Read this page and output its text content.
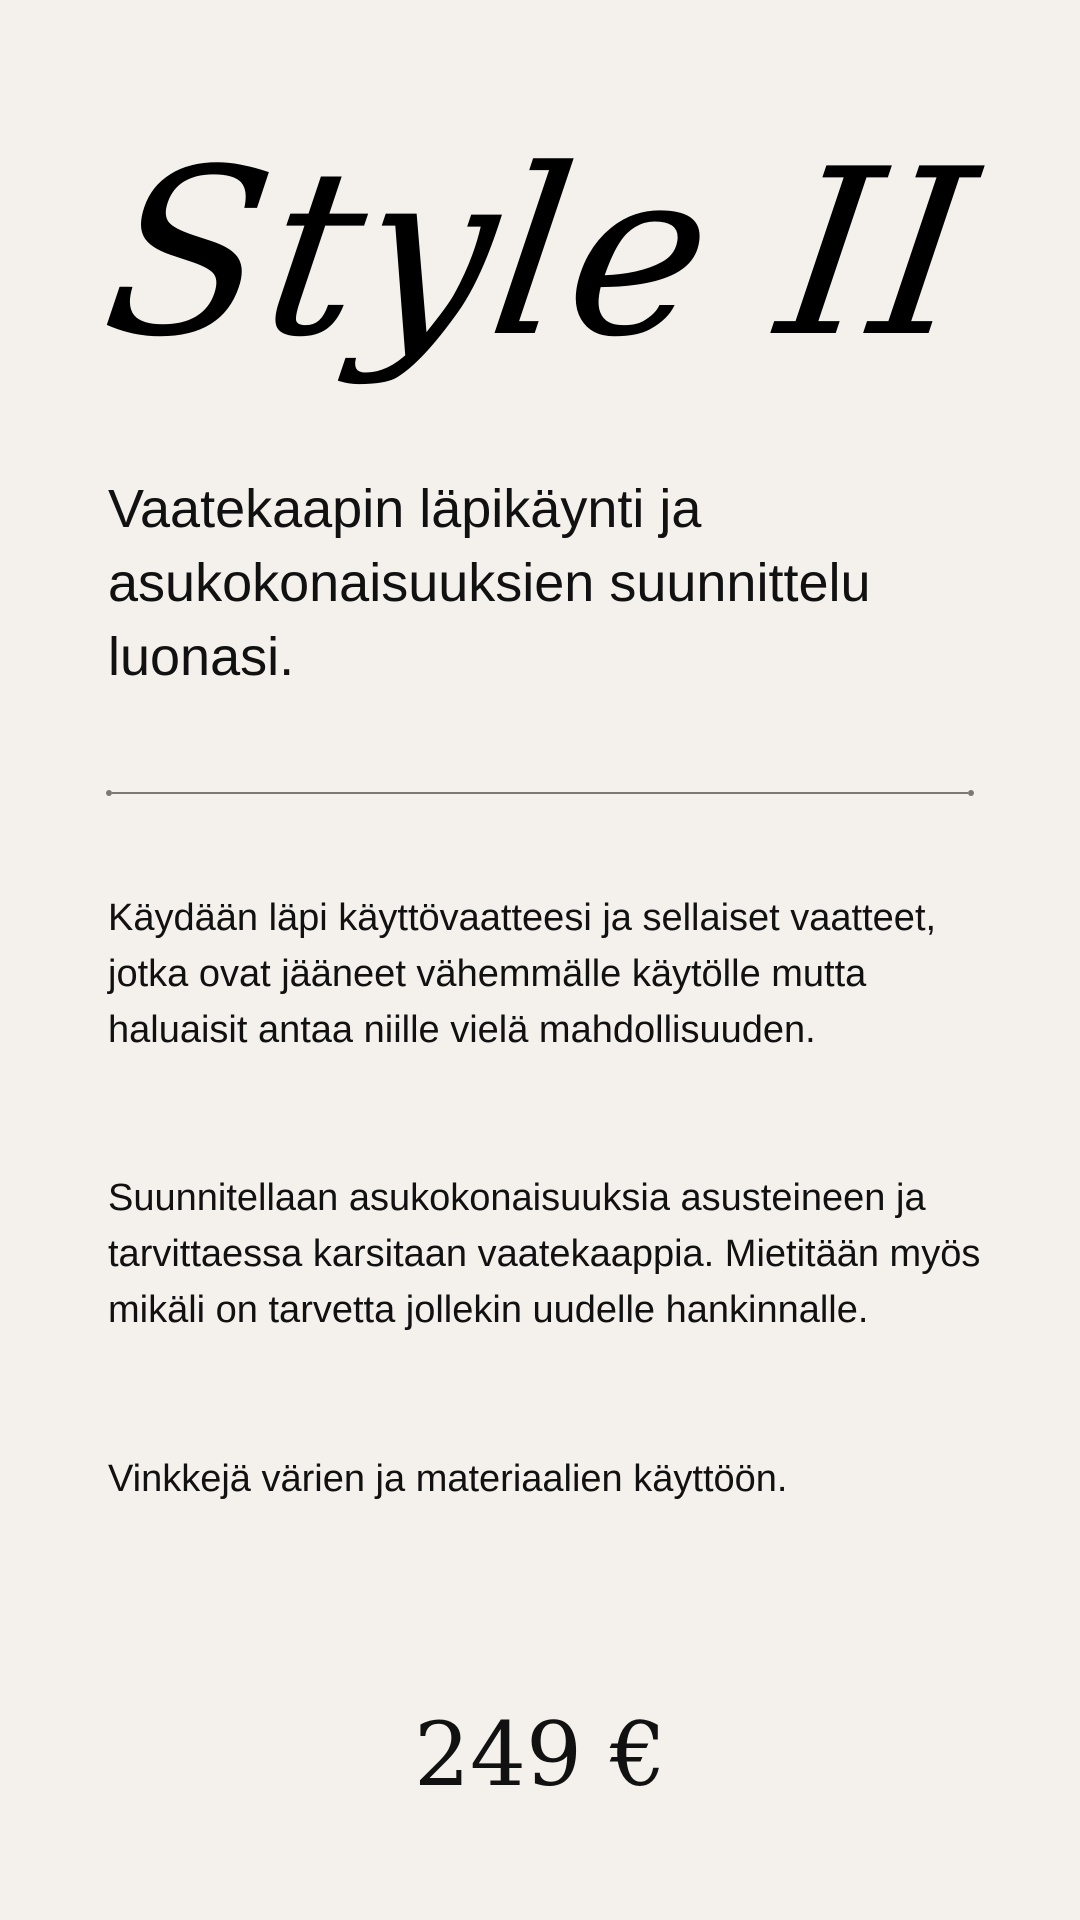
Style II
Vaatekaapin läpikäynti ja asukokonaisuuksien suunnittelu luonasi.

Käydään läpi käyttövaatteesi ja sellaiset vaatteet, jotka ovat jääneet vähemmälle käytölle mutta haluaisit antaa niille vielä mahdollisuuden.

Suunnitellaan asukokonaisuuksia asusteineen ja tarvittaessa karsitaan vaatekaappia. Mietitään myös mikäli on tarvetta jollekin uudelle hankinnalle.

Vinkkejä värien ja materiaalien käyttöön.

249 €
